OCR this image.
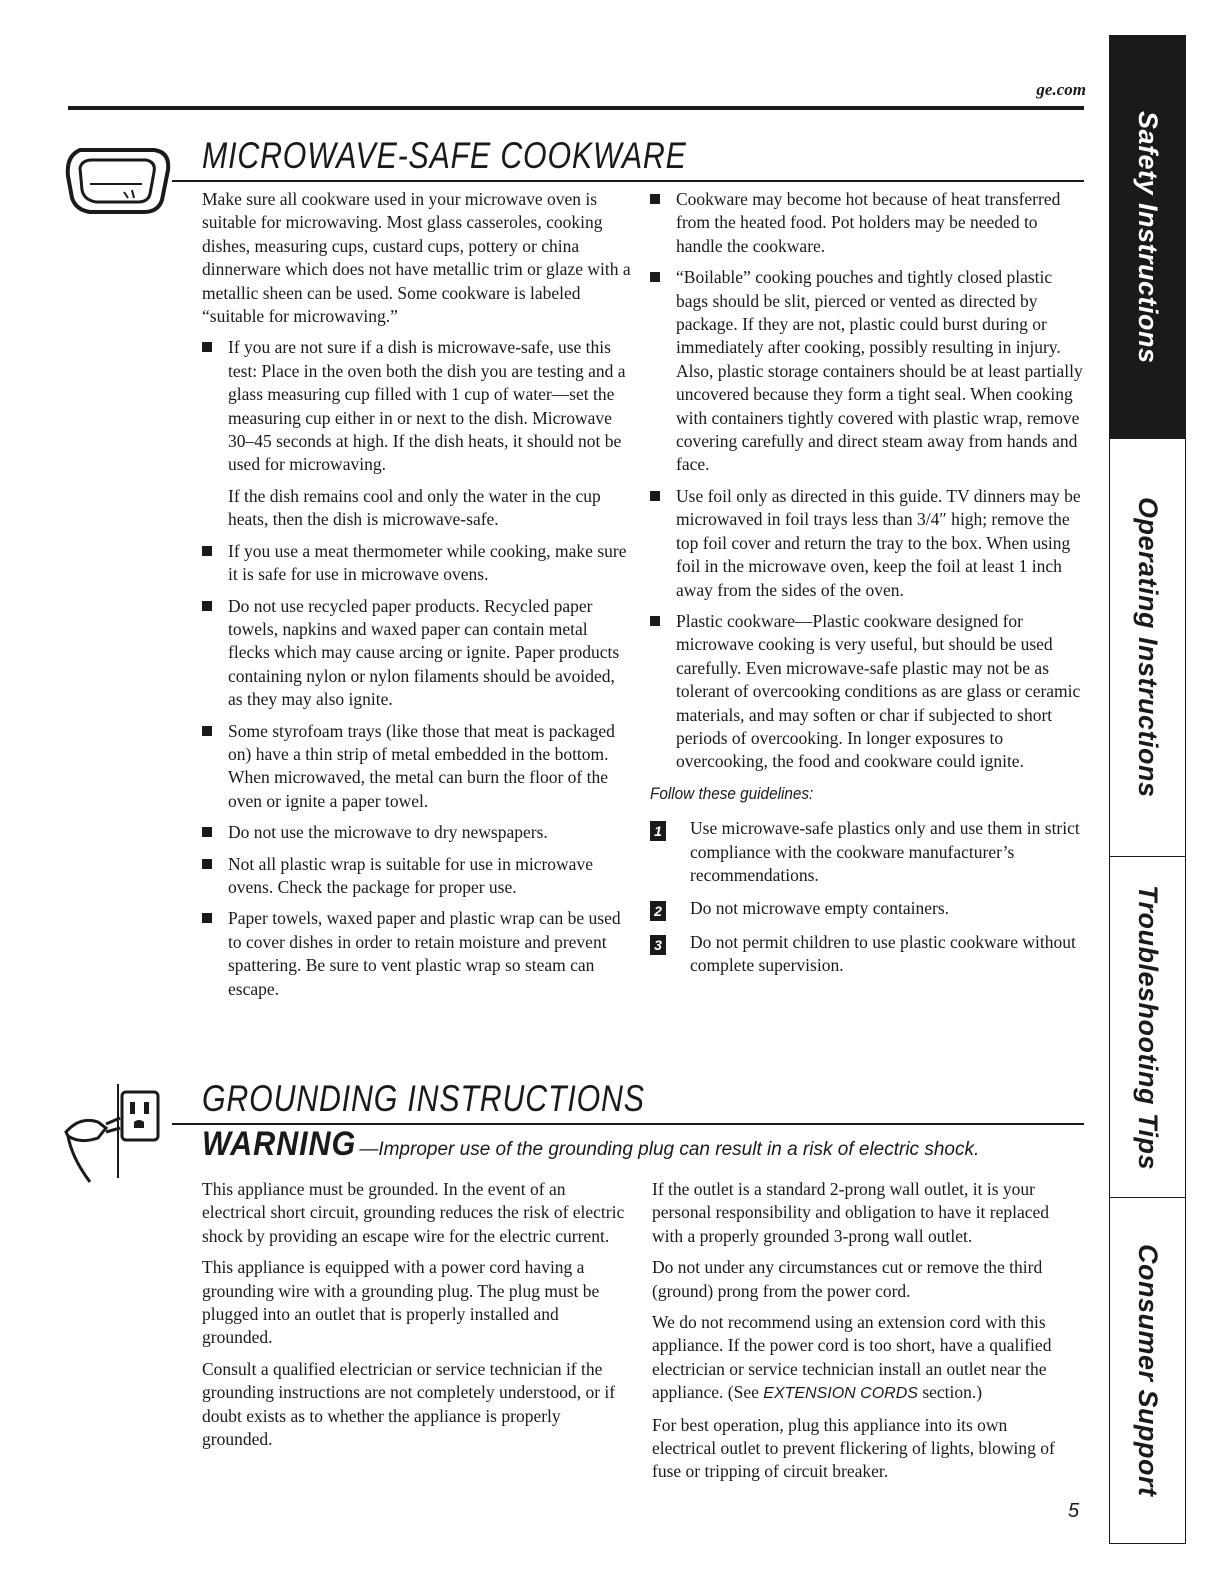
ge.com
MICROWAVE-SAFE COOKWARE

Make sure all cookware used in your microwave oven is suitable for microwaving. Most glass casseroles, cooking dishes, measuring cups, custard cups, pottery or china dinnerware which does not have metallic trim or glaze with a metallic sheen can be used. Some cookware is labeled “suitable for microwaving.”

If you are not sure if a dish is microwave-safe, use this test: Place in the oven both the dish you are testing and a glass measuring cup filled with 1 cup of water—set the measuring cup either in or next to the dish. Microwave 30–45 seconds at high. If the dish heats, it should not be used for microwaving.

If the dish remains cool and only the water in the cup heats, then the dish is microwave-safe.

If you use a meat thermometer while cooking, make sure it is safe for use in microwave ovens.
Do not use recycled paper products. Recycled paper towels, napkins and waxed paper can contain metal flecks which may cause arcing or ignite. Paper products containing nylon or nylon filaments should be avoided, as they may also ignite.
Some styrofoam trays (like those that meat is packaged on) have a thin strip of metal embedded in the bottom. When microwaved, the metal can burn the floor of the oven or ignite a paper towel.
Do not use the microwave to dry newspapers.
Not all plastic wrap is suitable for use in microwave ovens. Check the package for proper use.
Paper towels, waxed paper and plastic wrap can be used to cover dishes in order to retain moisture and prevent spattering. Be sure to vent plastic wrap so steam can escape.
Cookware may become hot because of heat transferred from the heated food. Pot holders may be needed to handle the cookware.
“Boilable” cooking pouches and tightly closed plastic bags should be slit, pierced or vented as directed by package. If they are not, plastic could burst during or immediately after cooking, possibly resulting in injury. Also, plastic storage containers should be at least partially uncovered because they form a tight seal. When cooking with containers tightly covered with plastic wrap, remove covering carefully and direct steam away from hands and face.
Use foil only as directed in this guide. TV dinners may be microwaved in foil trays less than 3/4″ high; remove the top foil cover and return the tray to the box. When using foil in the microwave oven, keep the foil at least 1 inch away from the sides of the oven.
Plastic cookware—Plastic cookware designed for microwave cooking is very useful, but should be used carefully. Even microwave-safe plastic may not be as tolerant of overcooking conditions as are glass or ceramic materials, and may soften or char if subjected to short periods of overcooking. In longer exposures to overcooking, the food and cookware could ignite.
Follow these guidelines:
1 Use microwave-safe plastics only and use them in strict compliance with the cookware manufacturer’s recommendations.
2 Do not microwave empty containers.
3 Do not permit children to use plastic cookware without complete supervision.
GROUNDING INSTRUCTIONS
WARNING —Improper use of the grounding plug can result in a risk of electric shock.

This appliance must be grounded. In the event of an electrical short circuit, grounding reduces the risk of electric shock by providing an escape wire for the electric current.

This appliance is equipped with a power cord having a grounding wire with a grounding plug. The plug must be plugged into an outlet that is properly installed and grounded.

Consult a qualified electrician or service technician if the grounding instructions are not completely understood, or if doubt exists as to whether the appliance is properly grounded.

If the outlet is a standard 2-prong wall outlet, it is your personal responsibility and obligation to have it replaced with a properly grounded 3-prong wall outlet.

Do not under any circumstances cut or remove the third (ground) prong from the power cord.

We do not recommend using an extension cord with this appliance. If the power cord is too short, have a qualified electrician or service technician install an outlet near the appliance. (See EXTENSION CORDS section.)

For best operation, plug this appliance into its own electrical outlet to prevent flickering of lights, blowing of fuse or tripping of circuit breaker.

5
Safety Instructions
Operating Instructions
Troubleshooting Tips
Consumer Support
